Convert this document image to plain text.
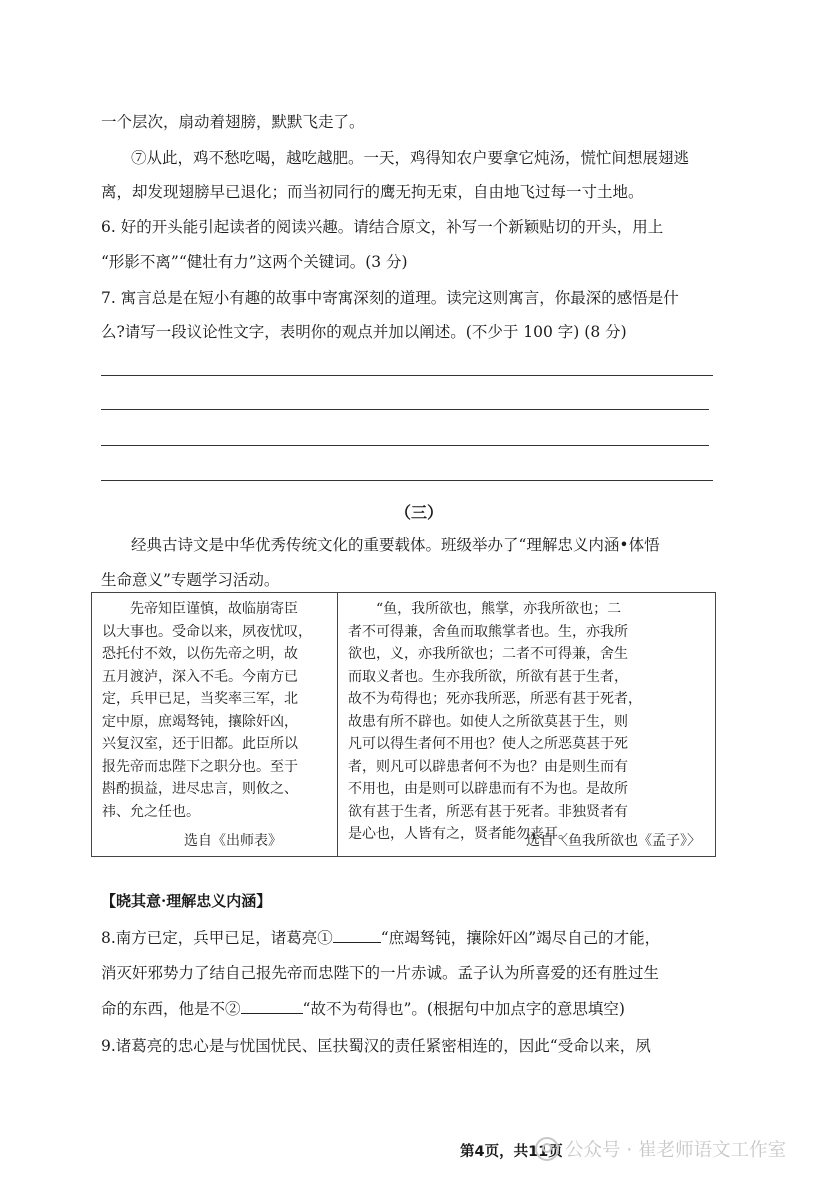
一个层次，扇动着翅膀，默默飞走了。
⑦从此，鸡不愁吃喝，越吃越肥。一天，鸡得知农户要拿它炖汤，慌忙间想展翅逃
离，却发现翅膀早已退化；而当初同行的鹰无拘无束，自由地飞过每一寸土地。
6. 好的开头能引起读者的阅读兴趣。请结合原文，补写一个新颖贴切的开头，用上
“形影不离”“健壮有力”这两个关键词。(3 分)
7. 寓言总是在短小有趣的故事中寄寓深刻的道理。读完这则寓言，你最深的感悟是什
么?请写一段议论性文字，表明你的观点并加以阐述。(不少于 100 字) (8 分)
（三）
经典古诗文是中华优秀传统文化的重要载体。班级举办了“理解忠义内涵•体悟
生命意义”专题学习活动。
　　先帝知臣谨慎，故临崩寄臣
以大事也。受命以来，夙夜忧叹，
恐托付不效，以伤先帝之明，故
五月渡泸，深入不毛。今南方已
定，兵甲已足，当奖率三军，北
定中原，庶竭驽钝，攘除奸凶，
兴复汉室，还于旧都。此臣所以
报先帝而忠陛下之职分也。至于
斟酌损益，进尽忠言，则攸之、
祎、允之任也。
选自《出师表》

　　“鱼，我所欲也，熊掌，亦我所欲也；二
者不可得兼，舍鱼而取熊掌者也。生，亦我所
欲也，义，亦我所欲也；二者不可得兼，舍生
而取义者也。生亦我所欲，所欲有甚于生者，
故不为苟得也；死亦我所恶，所恶有甚于死者，
故患有所不辟也。如使人之所欲莫甚于生，则
凡可以得生者何不用也？使人之所恶莫甚于死
者，则凡可以辟患者何不为也？由是则生而有
不用也，由是则可以辟患而有不为也。是故所
欲有甚于生者，所恶有甚于死者。非独贤者有
是心也，人皆有之，贤者能勿丧耳。
选自〈鱼我所欲也《孟子》〉
【晓其意·理解忠义内涵】
8.南方已定，兵甲已足，诸葛亮①	“庶竭驽钝，攘除奸凶”竭尽自己的才能，
消灭奸邪势力了结自己报先帝而忠陛下的一片赤诚。孟子认为所喜爱的还有胜过生
命的东西，他是不②	“故不为苟得也”。(根据句中加点字的意思填空)
9.诸葛亮的忠心是与忧国忧民、匡扶蜀汉的责任紧密相连的，因此“受命以来，夙
第4页，共11页 公众号 · 崔老师语文工作室
